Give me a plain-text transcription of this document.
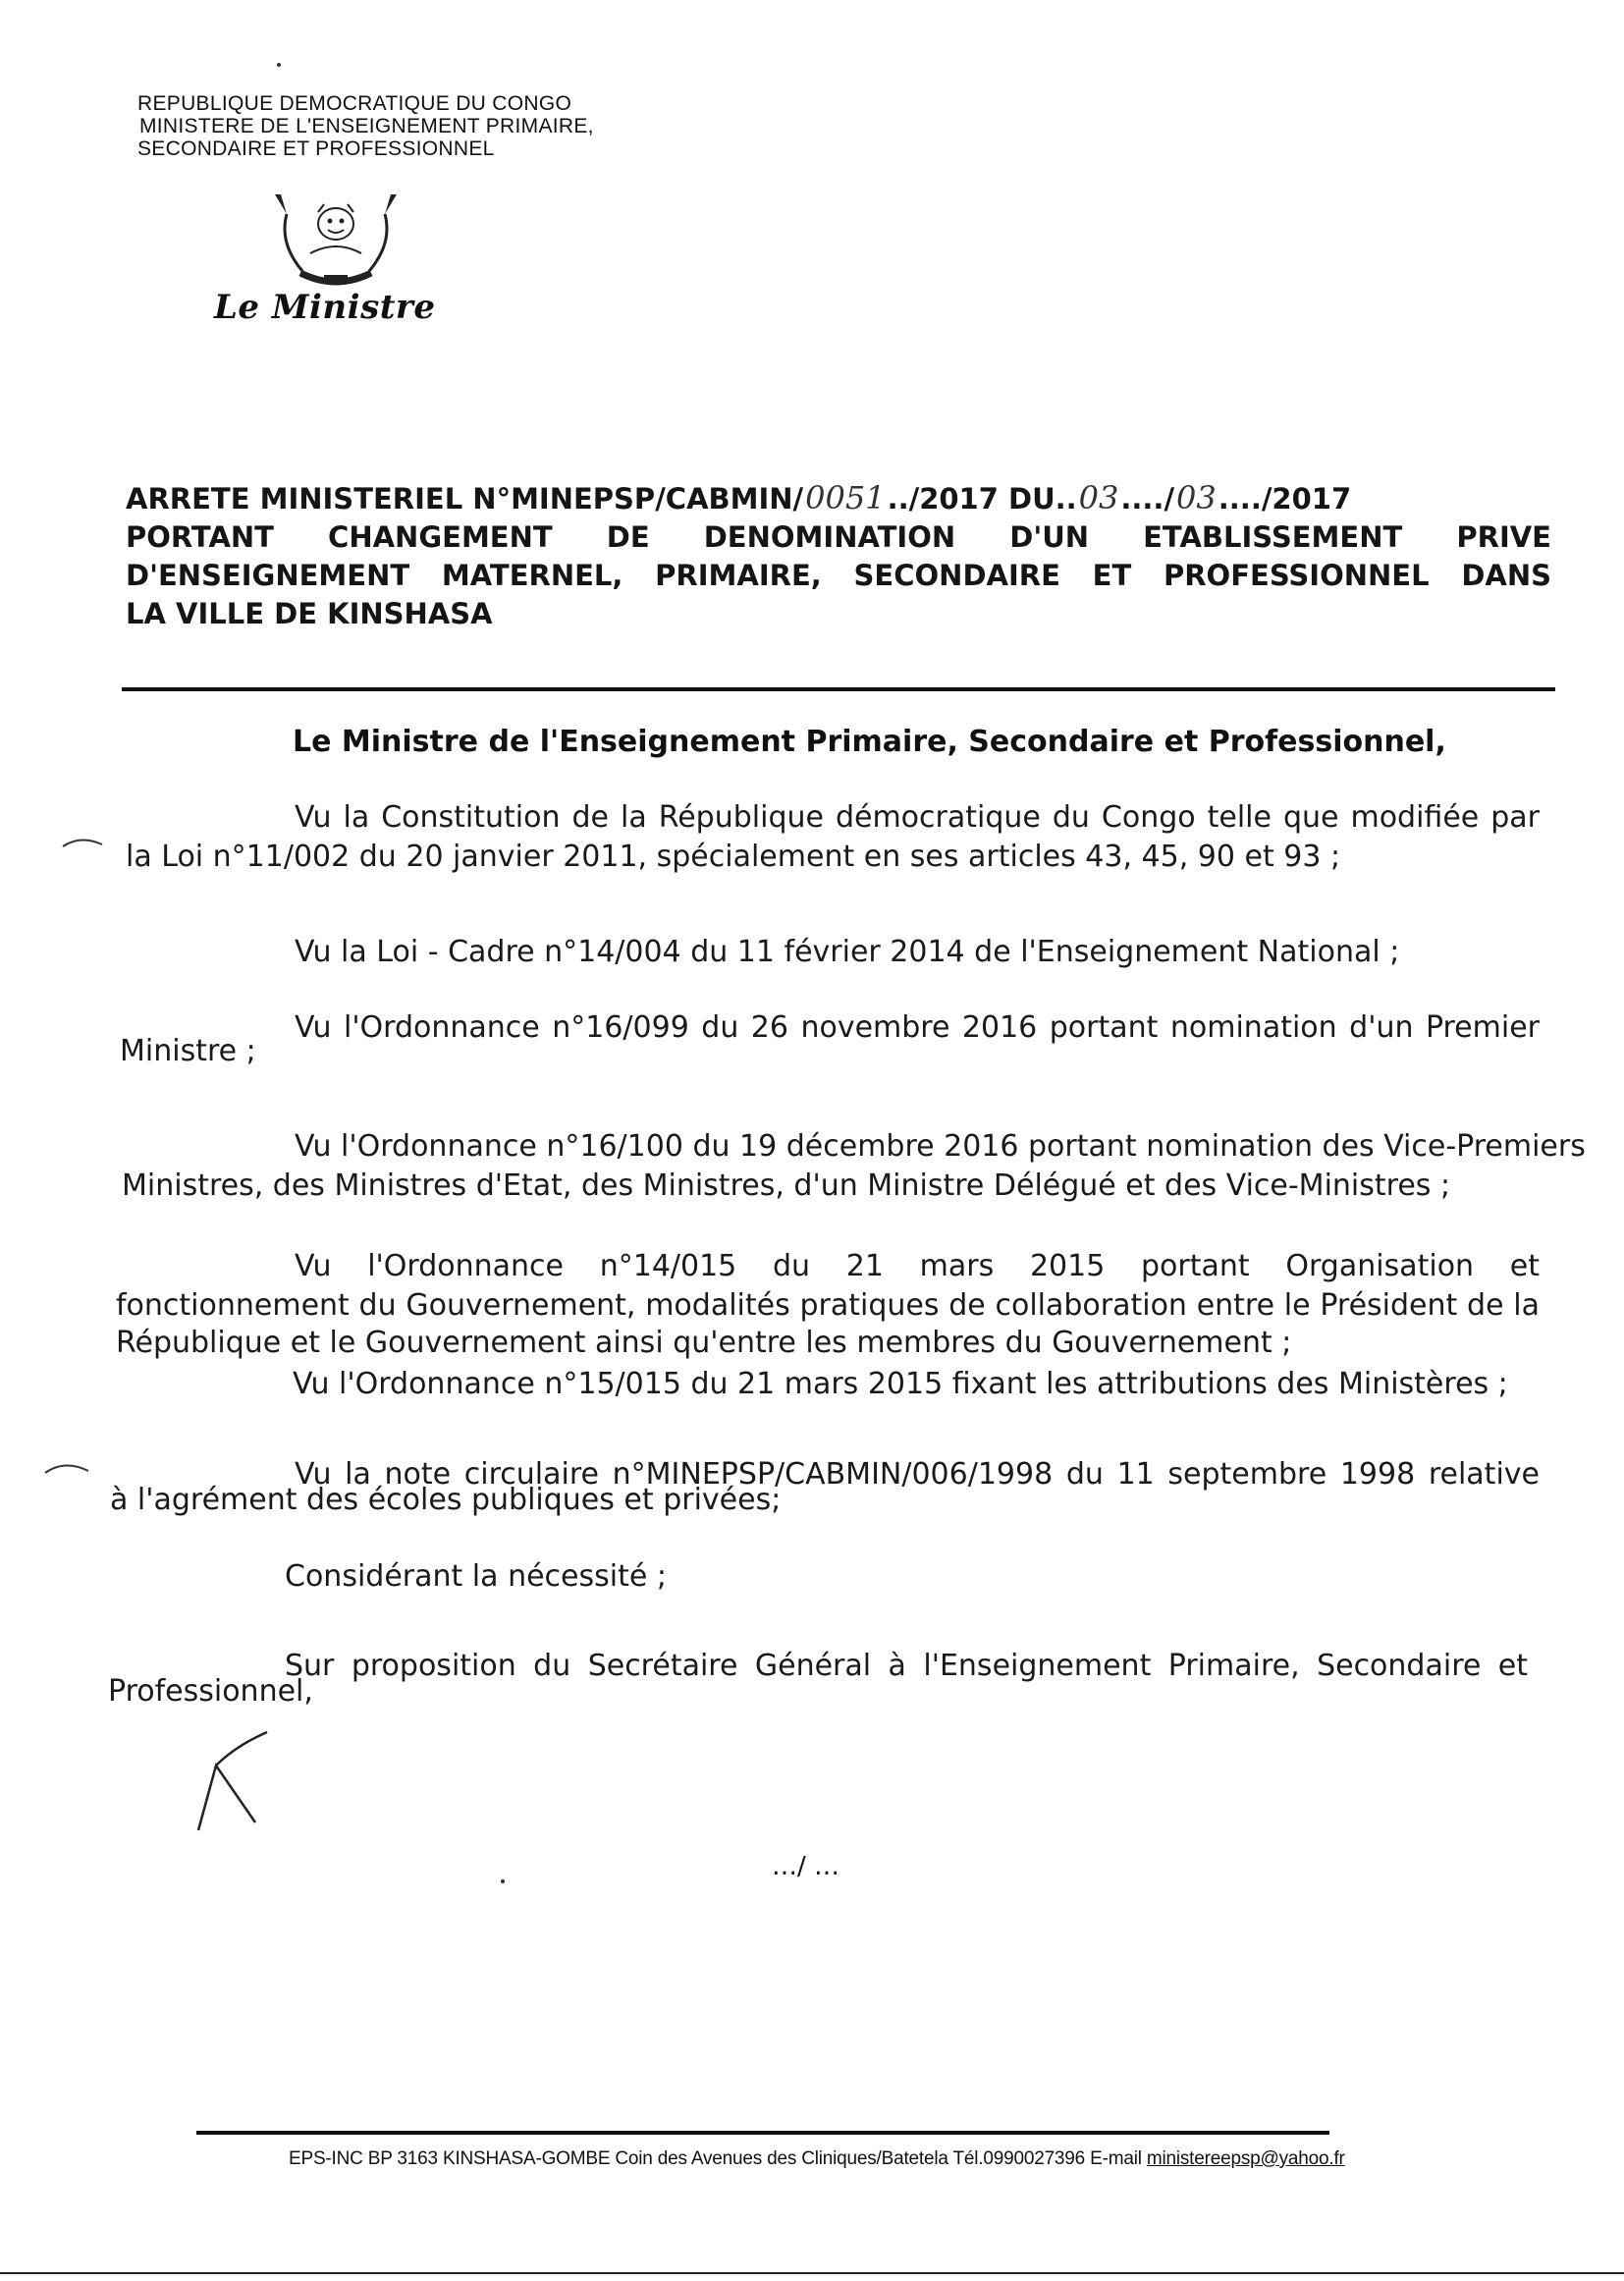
REPUBLIQUE DEMOCRATIQUE DU CONGO
MINISTERE DE L'ENSEIGNEMENT PRIMAIRE,
SECONDAIRE ET PROFESSIONNEL
Le Ministre
ARRETE MINISTERIEL N°MINEPSP/CABMIN/ 0051 ../2017 DU.. 03 ..../ 03 ..../2017
PORTANT CHANGEMENT DE DENOMINATION D'UN ETABLISSEMENT PRIVE
D'ENSEIGNEMENT MATERNEL, PRIMAIRE, SECONDAIRE ET PROFESSIONNEL DANS
LA VILLE DE KINSHASA
Le Ministre de l'Enseignement Primaire, Secondaire et Professionnel,
Vu la Constitution de la République démocratique du Congo telle que modifiée par
la Loi n°11/002 du 20 janvier 2011, spécialement en ses articles 43, 45, 90 et 93 ;
Vu la Loi - Cadre n°14/004 du 11 février 2014 de l'Enseignement National ;
Vu l'Ordonnance n°16/099 du 26 novembre 2016 portant nomination d'un Premier
Ministre ;
Vu l'Ordonnance n°16/100 du 19 décembre 2016 portant nomination des Vice-Premiers
Ministres, des Ministres d'Etat, des Ministres, d'un Ministre Délégué et des Vice-Ministres ;
Vu l'Ordonnance n°14/015 du 21 mars 2015 portant Organisation et
fonctionnement du Gouvernement, modalités pratiques de collaboration entre le Président de la
République et le Gouvernement ainsi qu'entre les membres du Gouvernement ;
Vu l'Ordonnance n°15/015 du 21 mars 2015 fixant les attributions des Ministères ;
Vu la note circulaire n°MINEPSP/CABMIN/006/1998 du 11 septembre 1998 relative
à l'agrément des écoles publiques et privées;
Considérant la nécessité ;
Sur proposition du Secrétaire Général à l'Enseignement Primaire, Secondaire et
Professionnel,
…/ …
EPS-INC BP 3163 KINSHASA-GOMBE Coin des Avenues des Cliniques/Batetela Tél.0990027396 E-mail ministereepsp@yahoo.fr
